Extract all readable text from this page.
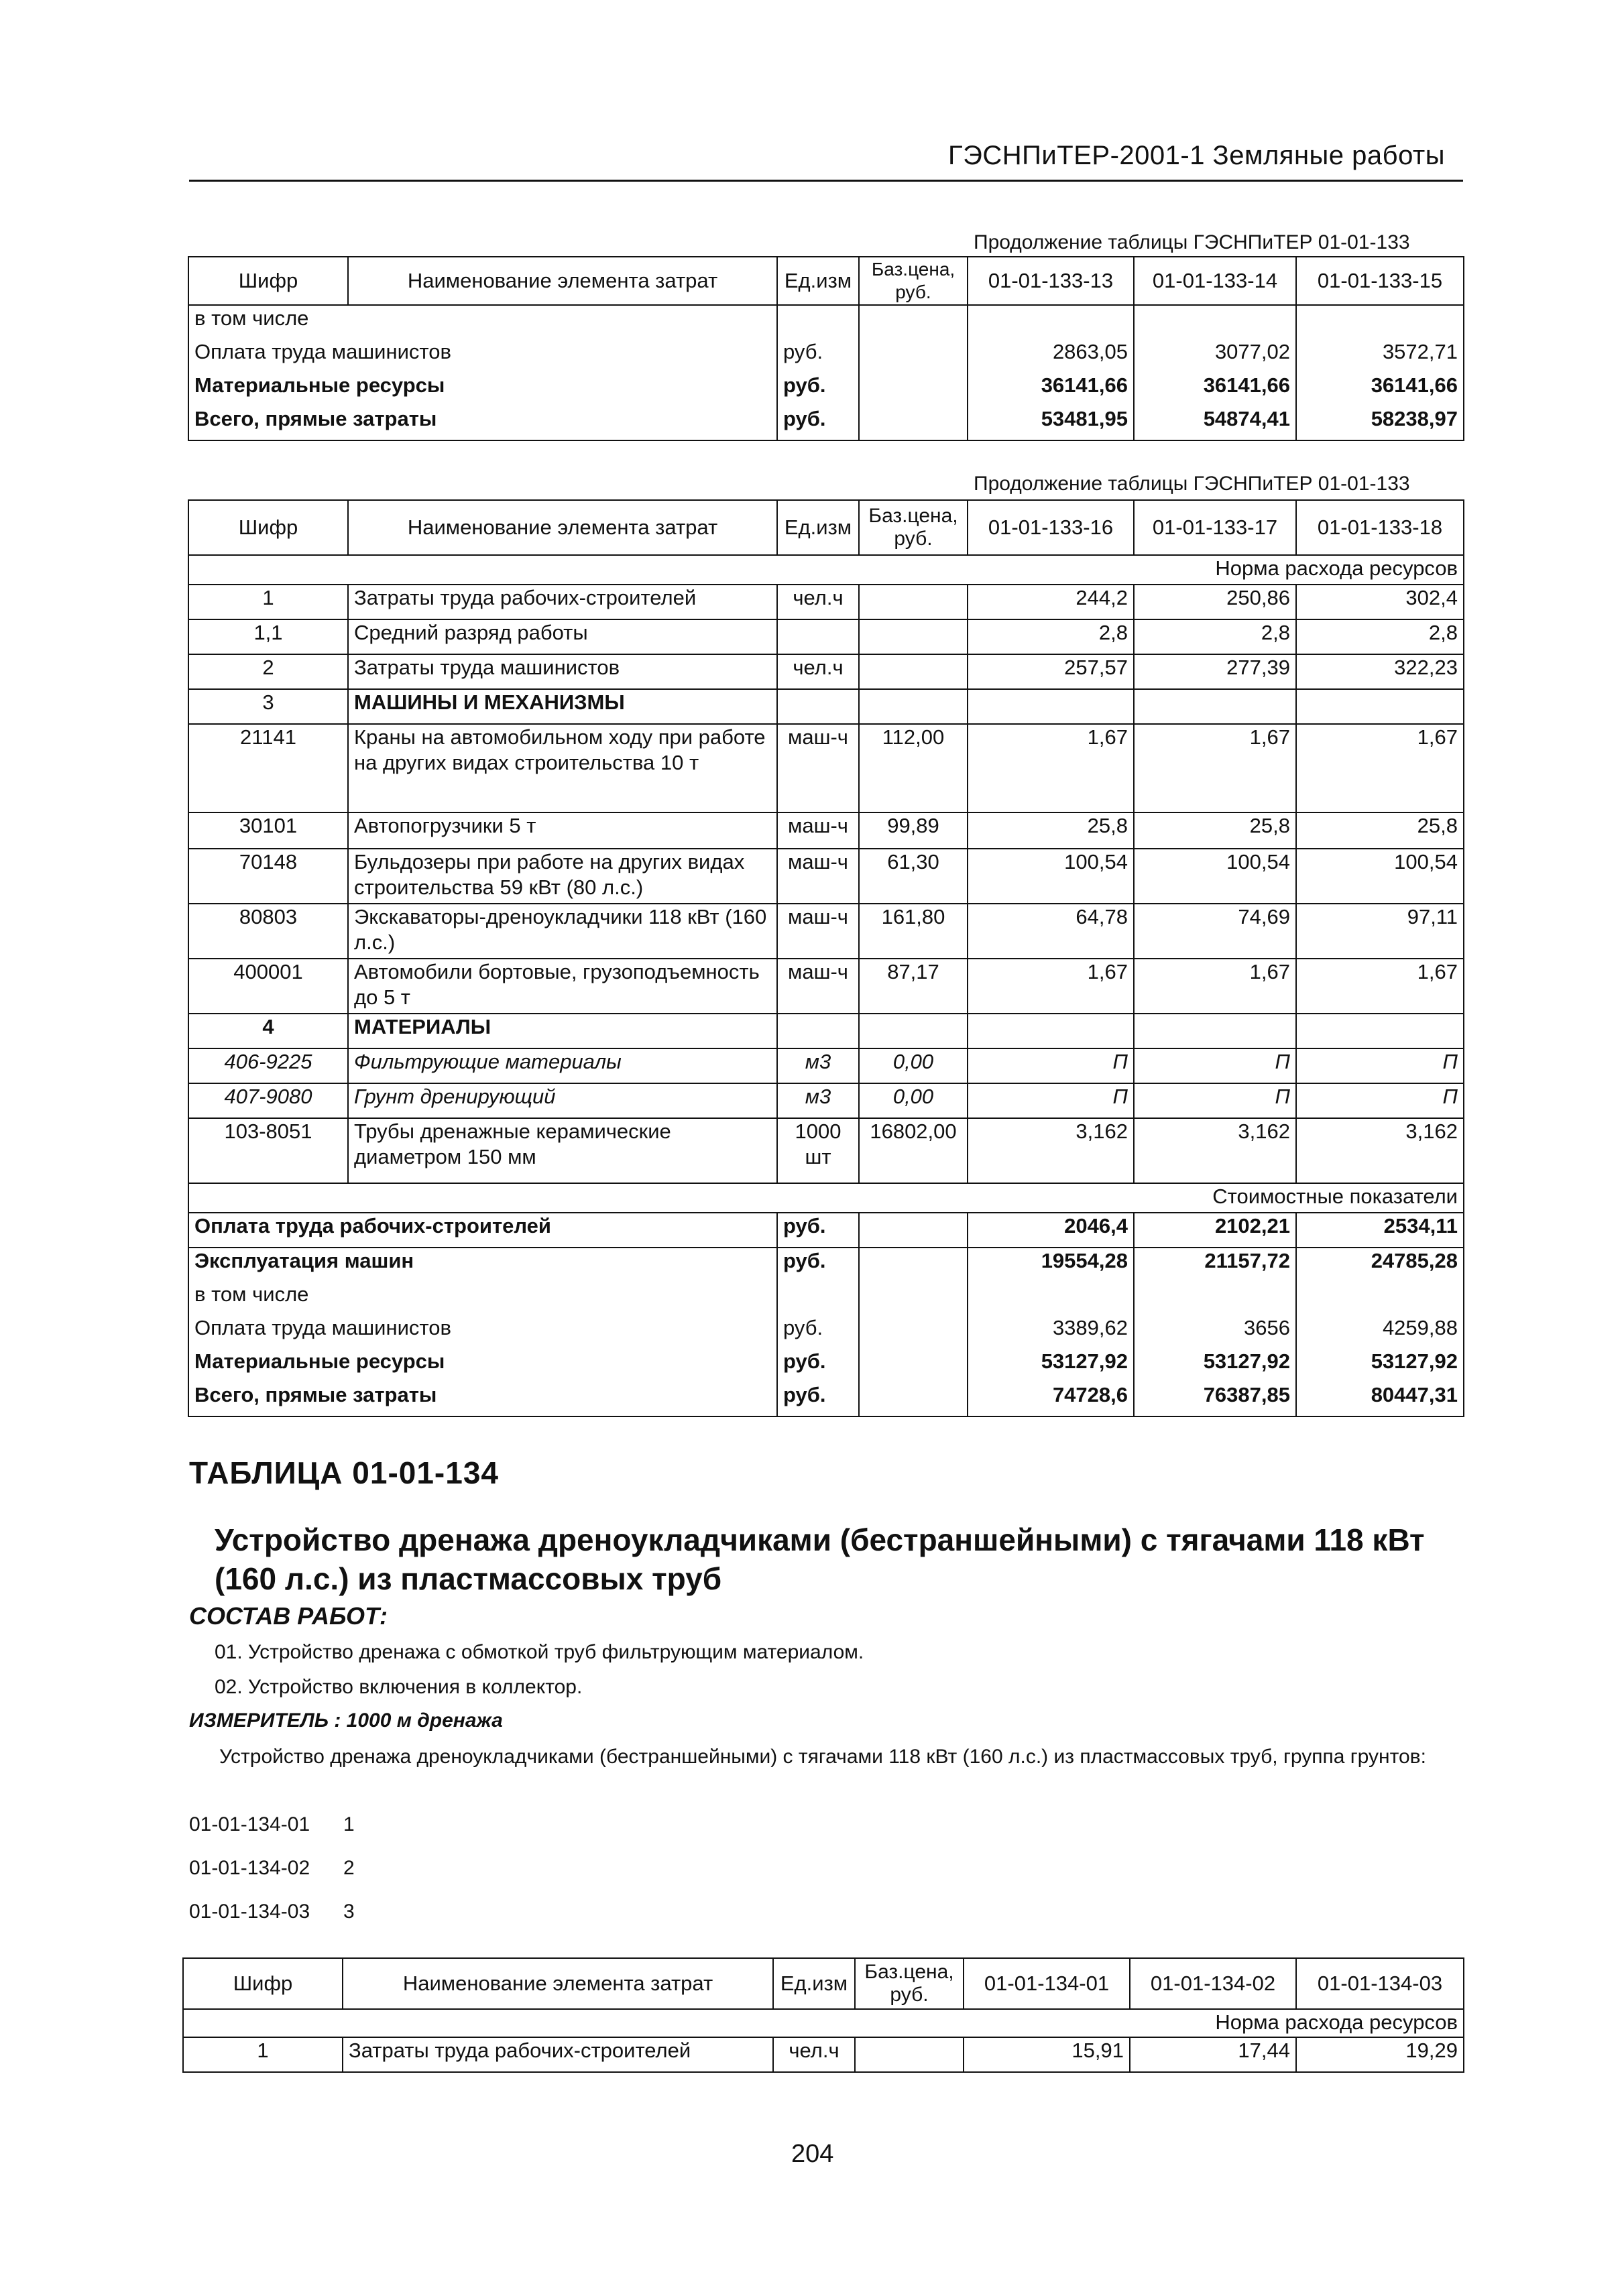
ГЭСНПиТЕР-2001-1 Земляные работы
Продолжение таблицы ГЭСНПиТЕР 01-01-133
Шифр	Наименование элемента затрат	Ед.изм	Баз.цена, руб.	01-01-133-13	01-01-133-14	01-01-133-15
в том числе						
Оплата труда машинистов		руб.		2863,05	3077,02	3572,71
Материальные ресурсы		руб.		36141,66	36141,66	36141,66
Всего, прямые затраты		руб.		53481,95	54874,41	58238,97
Продолжение таблицы ГЭСНПиТЕР 01-01-133
Шифр	Наименование элемента затрат	Ед.изм	Баз.цена, руб.	01-01-133-16	01-01-133-17	01-01-133-18
				Норма расхода ресурсов		
1	Затраты труда рабочих-строителей	чел.ч		244,2	250,86	302,4
1,1	Средний разряд работы			2,8	2,8	2,8
2	Затраты труда машинистов	чел.ч		257,57	277,39	322,23
3	МАШИНЫ И МЕХАНИЗМЫ					
21141	Краны на автомобильном ходу при работе на других видах строительства 10 т	маш-ч	112,00	1,67	1,67	1,67
30101	Автопогрузчики 5 т	маш-ч	99,89	25,8	25,8	25,8
70148	Бульдозеры при работе на других видах строительства 59 кВт (80 л.с.)	маш-ч	61,30	100,54	100,54	100,54
80803	Экскаваторы-дреноукладчики 118 кВт (160 л.с.)	маш-ч	161,80	64,78	74,69	97,11
400001	Автомобили бортовые, грузоподъемность до 5 т	маш-ч	87,17	1,67	1,67	1,67
4	МАТЕРИАЛЫ					
406-9225	Фильтрующие материалы	м3	0,00	П	П	П
407-9080	Грунт дренирующий	м3	0,00	П	П	П
103-8051	Трубы дренажные керамические диаметром 150 мм	1000 шт	16802,00	3,162	3,162	3,162
				Стоимостные показатели		
Оплата труда рабочих-строителей		руб.		2046,4	2102,21	2534,11
Эксплуатация машин		руб.		19554,28	21157,72	24785,28
в том числе						
Оплата труда машинистов		руб.		3389,62	3656	4259,88
Материальные ресурсы		руб.		53127,92	53127,92	53127,92
Всего, прямые затраты		руб.		74728,6	76387,85	80447,31
ТАБЛИЦА 01-01-134
Устройство дренажа дреноукладчиками (бестраншейными) с тягачами 118 кВт (160 л.с.) из пластмассовых труб
СОСТАВ РАБОТ:
01. Устройство дренажа с обмоткой труб фильтрующим материалом.
02. Устройство включения в коллектор.
ИЗМЕРИТЕЛЬ : 1000 м дренажа
Устройство дренажа дреноукладчиками (бестраншейными) с тягачами 118 кВт (160 л.с.) из пластмассовых труб, группа грунтов:
01-01-134-01 1
01-01-134-02 2
01-01-134-03 3
Шифр	Наименование элемента затрат	Ед.изм	Баз.цена, руб.	01-01-134-01	01-01-134-02	01-01-134-03
				Норма расхода ресурсов		
1	Затраты труда рабочих-строителей	чел.ч		15,91	17,44	19,29
204
